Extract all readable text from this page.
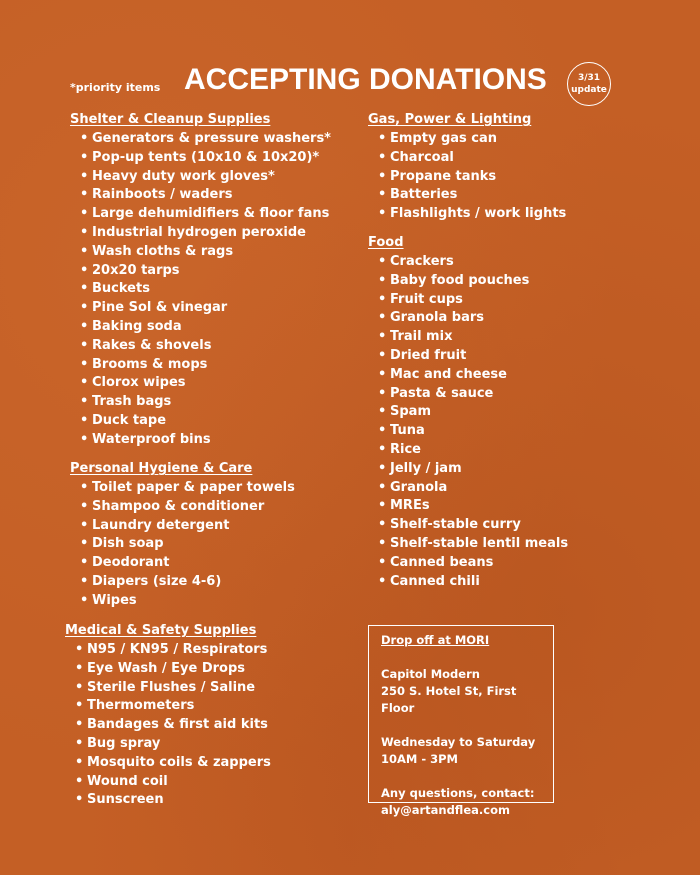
*priority items ACCEPTING DONATIONS	3/31
update
Shelter & Cleanup Supplies
• Generators & pressure washers*
• Pop-up tents (10x10 & 10x20)*
• Heavy duty work gloves*
• Rainboots / waders
• Large dehumidifiers & floor fans
• Industrial hydrogen peroxide
• Wash cloths & rags
• 20x20 tarps
• Buckets
• Pine Sol & vinegar
• Baking soda
• Rakes & shovels
• Brooms & mops
• Clorox wipes
• Trash bags
• Duck tape
• Waterproof bins
Personal Hygiene & Care
• Toilet paper & paper towels
• Shampoo & conditioner
• Laundry detergent
• Dish soap
• Deodorant
• Diapers (size 4-6)
• Wipes
Medical & Safety Supplies
• N95 / KN95 / Respirators
• Eye Wash / Eye Drops
• Sterile Flushes / Saline
• Thermometers
• Bandages & first aid kits
• Bug spray
• Mosquito coils & zappers
• Wound coil
• Sunscreen
Gas, Power & Lighting
• Empty gas can
• Charcoal
• Propane tanks
• Batteries
• Flashlights / work lights
Food
• Crackers
• Baby food pouches
• Fruit cups
• Granola bars
• Trail mix
• Dried fruit
• Mac and cheese
• Pasta & sauce
• Spam
• Tuna
• Rice
• Jelly / jam
• Granola
• MREs
• Shelf-stable curry
• Shelf-stable lentil meals
• Canned beans
• Canned chili

Drop off at MORI

Capitol Modern

250 S. Hotel St, First Floor

Wednesday to Saturday

10AM - 3PM

Any questions, contact:

aly@artandflea.com
